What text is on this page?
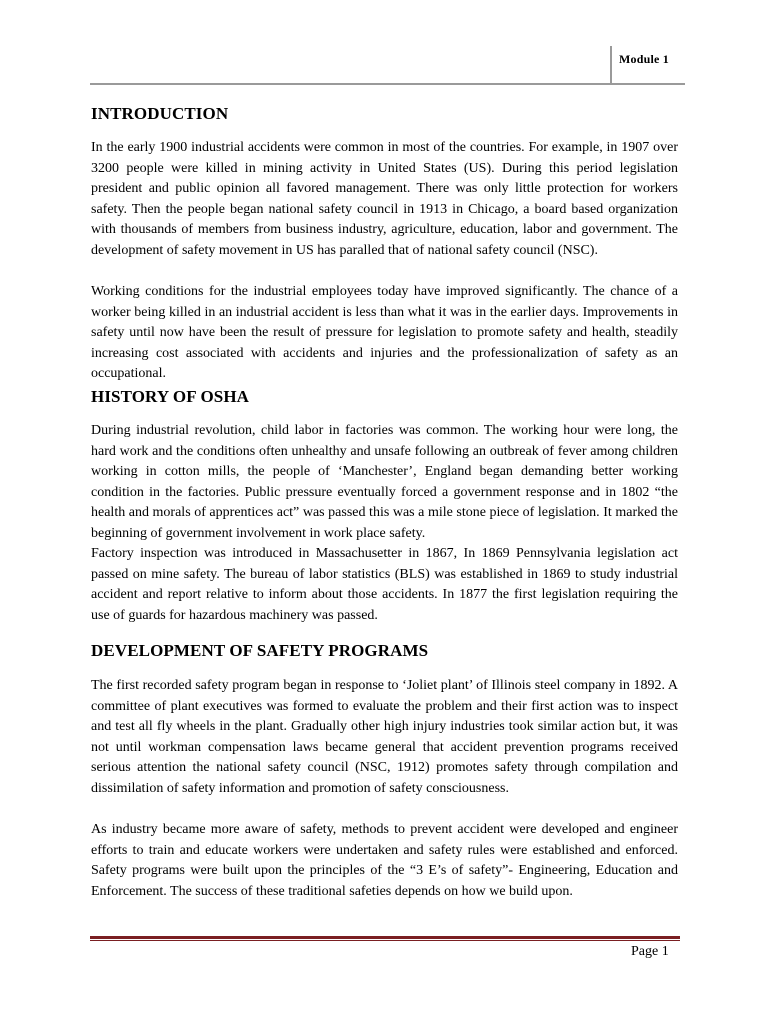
Module 1
INTRODUCTION

In the early 1900 industrial accidents were common in most of the countries. For example, in 1907 over 3200 people were killed in mining activity in United States (US). During this period legislation president and public opinion all favored management. There was only little protection for workers safety. Then the people began national safety council in 1913 in Chicago, a board based organization with thousands of members from business industry, agriculture, education, labor and government. The development of safety movement in US has paralled that of national safety council (NSC).

Working conditions for the industrial employees today have improved significantly. The chance of a worker being killed in an industrial accident is less than what it was in the earlier days. Improvements in safety until now have been the result of pressure for legislation to promote safety and health, steadily increasing cost associated with accidents and injuries and the professionalization of safety as an occupational.

HISTORY OF OSHA

During industrial revolution, child labor in factories was common. The working hour were long, the hard work and the conditions often unhealthy and unsafe following an outbreak of fever among children working in cotton mills, the people of ‘Manchester’, England began demanding better working condition in the factories. Public pressure eventually forced a government response and in 1802 “the health and morals of apprentices act” was passed this was a mile stone piece of legislation. It marked the beginning of government involvement in work place safety.

Factory inspection was introduced in Massachusetter in 1867, In 1869 Pennsylvania legislation act passed on mine safety. The bureau of labor statistics (BLS) was established in 1869 to study industrial accident and report relative to inform about those accidents. In 1877 the first legislation requiring the use of guards for hazardous machinery was passed.

DEVELOPMENT OF SAFETY PROGRAMS

The first recorded safety program began in response to ‘Joliet plant’ of Illinois steel company in 1892. A committee of plant executives was formed to evaluate the problem and their first action was to inspect and test all fly wheels in the plant. Gradually other high injury industries took similar action but, it was not until workman compensation laws became general that accident prevention programs received serious attention the national safety council (NSC, 1912) promotes safety through compilation and dissimilation of safety information and promotion of safety consciousness.

As industry became more aware of safety, methods to prevent accident were developed and engineer efforts to train and educate workers were undertaken and safety rules were established and enforced. Safety programs were built upon the principles of the “3 E’s of safety”- Engineering, Education and Enforcement. The success of these traditional safeties depends on how we build upon.

Page 1
